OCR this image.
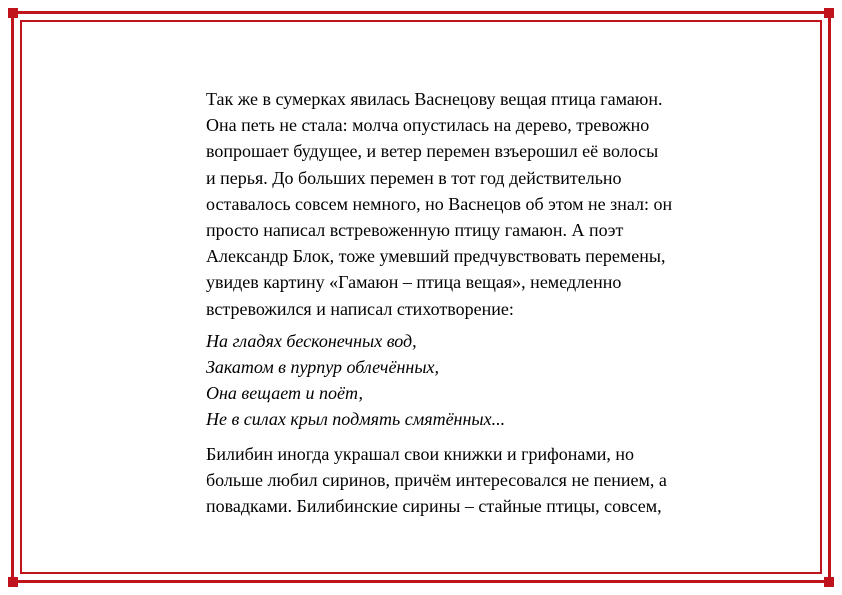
Так же в сумерках явилась Васнецову вещая птица гамаюн.
Она петь не стала: молча опустилась на дерево, тревожно
вопрошает будущее, и ветер перемен взъерошил её волосы
и перья. До больших перемен в тот год действительно
оставалось совсем немного, но Васнецов об этом не знал: он
просто написал встревоженную птицу гамаюн. А поэт
Александр Блок, тоже умевший предчувствовать перемены,
увидев картину «Гамаюн – птица вещая», немедленно
встревожился и написал стихотворение:
На гладях бесконечных вод,
Закатом в пурпур облечённых,
Она вещает и поёт,
Не в силах крыл подмять смятённых...
Билибин иногда украшал свои книжки и грифонами, но
больше любил сиринов, причём интересовался не пением, а
повадками. Билибинские сирины – стайные птицы, совсем,
